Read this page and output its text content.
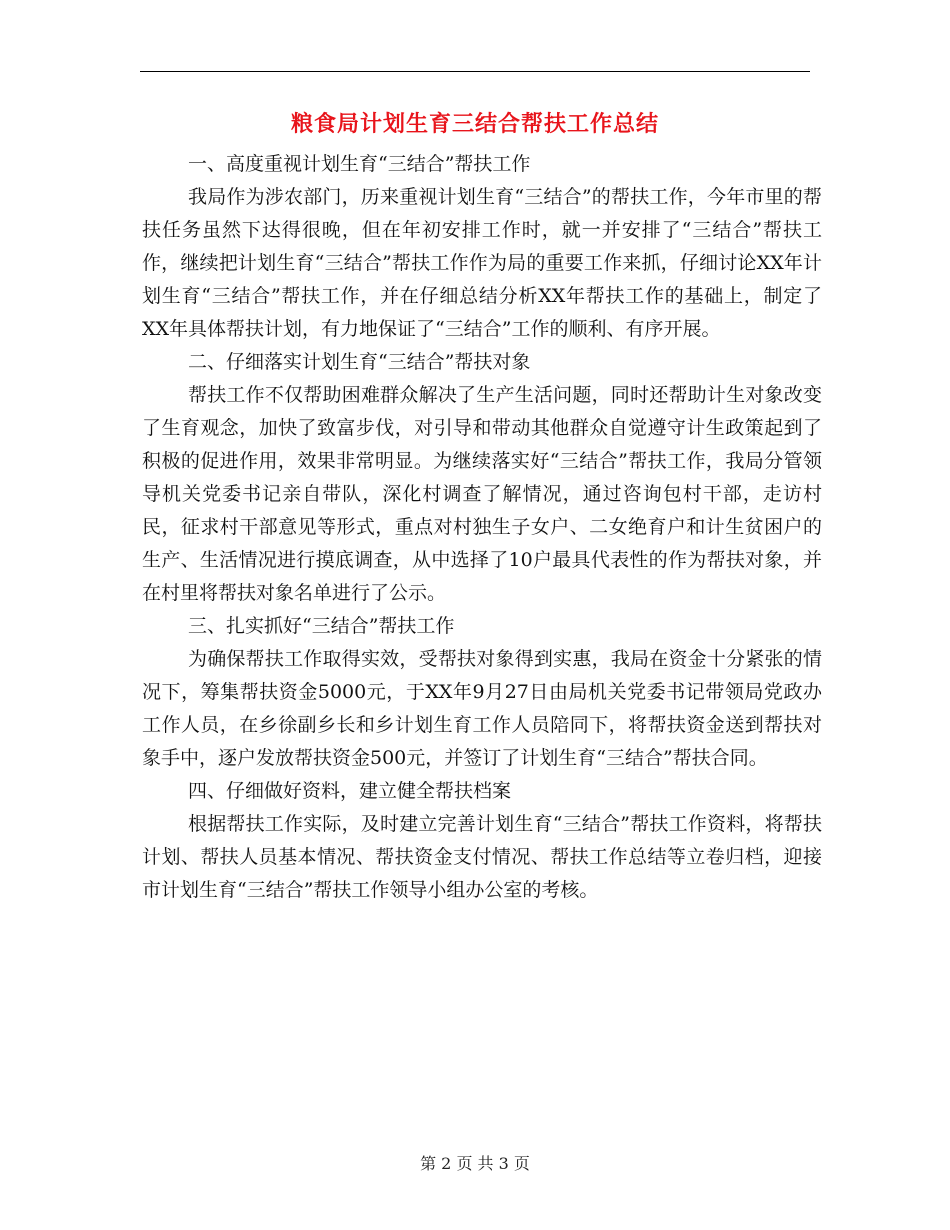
粮食局计划生育三结合帮扶工作总结

一、高度重视计划生育“三结合”帮扶工作

我局作为涉农部门，历来重视计划生育“三结合”的帮扶工作，今年市里的帮扶任务虽然下达得很晚，但在年初安排工作时，就一并安排了“三结合”帮扶工作，继续把计划生育“三结合”帮扶工作作为局的重要工作来抓，仔细讨论XX年计划生育“三结合”帮扶工作，并在仔细总结分析XX年帮扶工作的基础上，制定了XX年具体帮扶计划，有力地保证了“三结合”工作的顺利、有序开展。

二、仔细落实计划生育“三结合”帮扶对象

帮扶工作不仅帮助困难群众解决了生产生活问题，同时还帮助计生对象改变了生育观念，加快了致富步伐，对引导和带动其他群众自觉遵守计生政策起到了积极的促进作用，效果非常明显。为继续落实好“三结合”帮扶工作，我局分管领导机关党委书记亲自带队，深化村调查了解情况，通过咨询包村干部，走访村民，征求村干部意见等形式，重点对村独生子女户、二女绝育户和计生贫困户的生产、生活情况进行摸底调查，从中选择了10户最具代表性的作为帮扶对象，并在村里将帮扶对象名单进行了公示。

三、扎实抓好“三结合”帮扶工作

为确保帮扶工作取得实效，受帮扶对象得到实惠，我局在资金十分紧张的情况下，筹集帮扶资金5000元，于XX年9月27日由局机关党委书记带领局党政办工作人员，在乡徐副乡长和乡计划生育工作人员陪同下，将帮扶资金送到帮扶对象手中，逐户发放帮扶资金500元，并签订了计划生育“三结合”帮扶合同。

四、仔细做好资料，建立健全帮扶档案

根据帮扶工作实际，及时建立完善计划生育“三结合”帮扶工作资料，将帮扶计划、帮扶人员基本情况、帮扶资金支付情况、帮扶工作总结等立卷归档，迎接市计划生育“三结合”帮扶工作领导小组办公室的考核。

第 2 页 共 3 页
